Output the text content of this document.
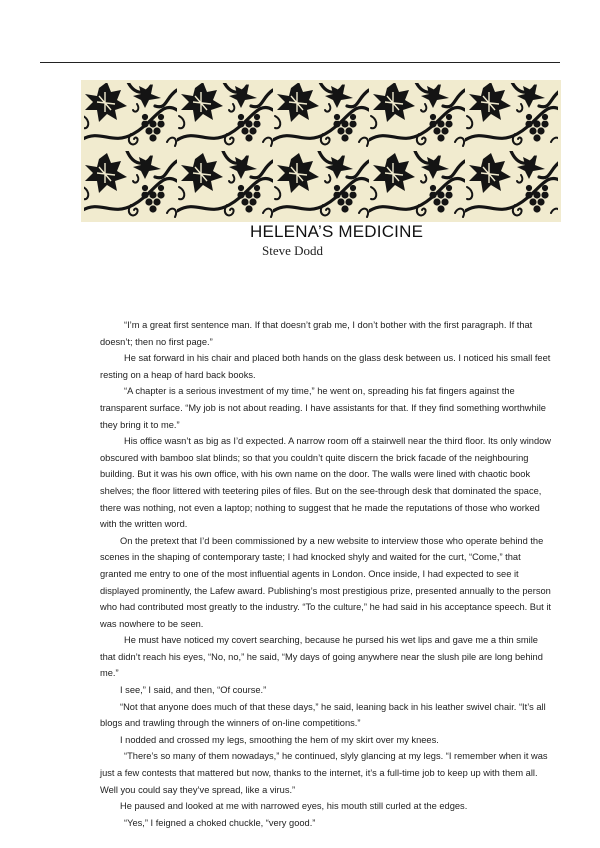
HELENA’S MEDICINE
Steve Dodd

“I’m a great first sentence man. If that doesn’t grab me, I don’t bother with the first paragraph. If that doesn’t; then no first page.”

He sat forward in his chair and placed both hands on the glass desk between us. I noticed his small feet resting on a heap of hard back books.

“A chapter is a serious investment of my time,” he went on, spreading his fat fingers against the transparent surface. “My job is not about reading. I have assistants for that. If they find something worthwhile they bring it to me.”

His office wasn’t as big as I’d expected. A narrow room off a stairwell near the third floor. Its only window obscured with bamboo slat blinds; so that you couldn’t quite discern the brick facade of the neighbouring building. But it was his own office, with his own name on the door. The walls were lined with chaotic book shelves; the floor littered with teetering piles of files. But on the see-through desk that dominated the space, there was nothing, not even a laptop; nothing to suggest that he made the reputations of those who worked with the written word.

On the pretext that I’d been commissioned by a new website to interview those who operate behind the scenes in the shaping of contemporary taste; I had knocked shyly and waited for the curt, “Come,” that granted me entry to one of the most influential agents in London. Once inside, I had expected to see it displayed prominently, the Lafew award. Publishing’s most prestigious prize, presented annually to the person who had contributed most greatly to the industry. “To the culture,” he had said in his acceptance speech. But it was nowhere to be seen.

He must have noticed my covert searching, because he pursed his wet lips and gave me a thin smile that didn’t reach his eyes, “No, no,” he said, “My days of going anywhere near the slush pile are long behind me.”

I see,” I said, and then, “Of course.”

“Not that anyone does much of that these days,” he said, leaning back in his leather swivel chair. “It’s all blogs and trawling through the winners of on-line competitions.”

I nodded and crossed my legs, smoothing the hem of my skirt over my knees.

“There’s so many of them nowadays,” he continued, slyly glancing at my legs. “I remember when it was just a few contests that mattered but now, thanks to the internet, it’s a full-time job to keep up with them all. Well you could say they’ve spread, like a virus.”

He paused and looked at me with narrowed eyes, his mouth still curled at the edges.

“Yes,” I feigned a choked chuckle, “very good.”
